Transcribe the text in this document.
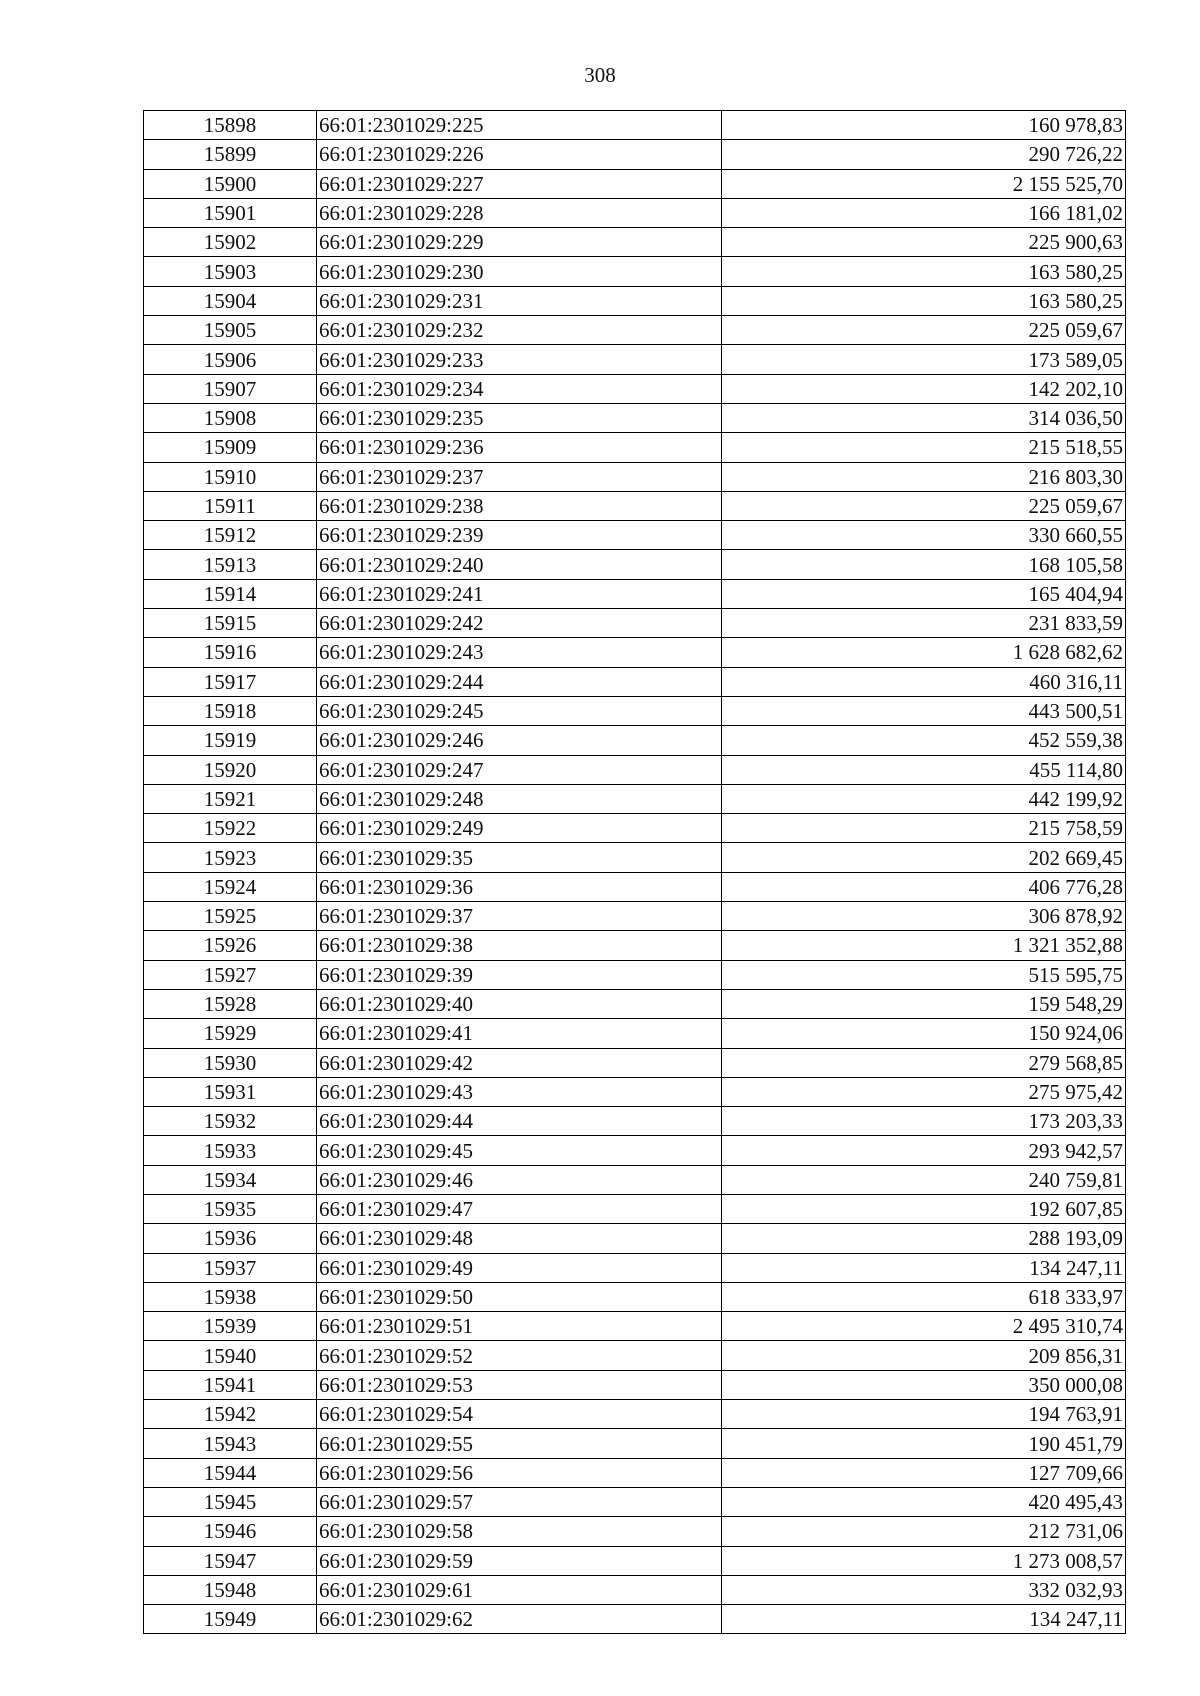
308
15898	66:01:2301029:225	160 978,83
15899	66:01:2301029:226	290 726,22
15900	66:01:2301029:227	2 155 525,70
15901	66:01:2301029:228	166 181,02
15902	66:01:2301029:229	225 900,63
15903	66:01:2301029:230	163 580,25
15904	66:01:2301029:231	163 580,25
15905	66:01:2301029:232	225 059,67
15906	66:01:2301029:233	173 589,05
15907	66:01:2301029:234	142 202,10
15908	66:01:2301029:235	314 036,50
15909	66:01:2301029:236	215 518,55
15910	66:01:2301029:237	216 803,30
15911	66:01:2301029:238	225 059,67
15912	66:01:2301029:239	330 660,55
15913	66:01:2301029:240	168 105,58
15914	66:01:2301029:241	165 404,94
15915	66:01:2301029:242	231 833,59
15916	66:01:2301029:243	1 628 682,62
15917	66:01:2301029:244	460 316,11
15918	66:01:2301029:245	443 500,51
15919	66:01:2301029:246	452 559,38
15920	66:01:2301029:247	455 114,80
15921	66:01:2301029:248	442 199,92
15922	66:01:2301029:249	215 758,59
15923	66:01:2301029:35	202 669,45
15924	66:01:2301029:36	406 776,28
15925	66:01:2301029:37	306 878,92
15926	66:01:2301029:38	1 321 352,88
15927	66:01:2301029:39	515 595,75
15928	66:01:2301029:40	159 548,29
15929	66:01:2301029:41	150 924,06
15930	66:01:2301029:42	279 568,85
15931	66:01:2301029:43	275 975,42
15932	66:01:2301029:44	173 203,33
15933	66:01:2301029:45	293 942,57
15934	66:01:2301029:46	240 759,81
15935	66:01:2301029:47	192 607,85
15936	66:01:2301029:48	288 193,09
15937	66:01:2301029:49	134 247,11
15938	66:01:2301029:50	618 333,97
15939	66:01:2301029:51	2 495 310,74
15940	66:01:2301029:52	209 856,31
15941	66:01:2301029:53	350 000,08
15942	66:01:2301029:54	194 763,91
15943	66:01:2301029:55	190 451,79
15944	66:01:2301029:56	127 709,66
15945	66:01:2301029:57	420 495,43
15946	66:01:2301029:58	212 731,06
15947	66:01:2301029:59	1 273 008,57
15948	66:01:2301029:61	332 032,93
15949	66:01:2301029:62	134 247,11
